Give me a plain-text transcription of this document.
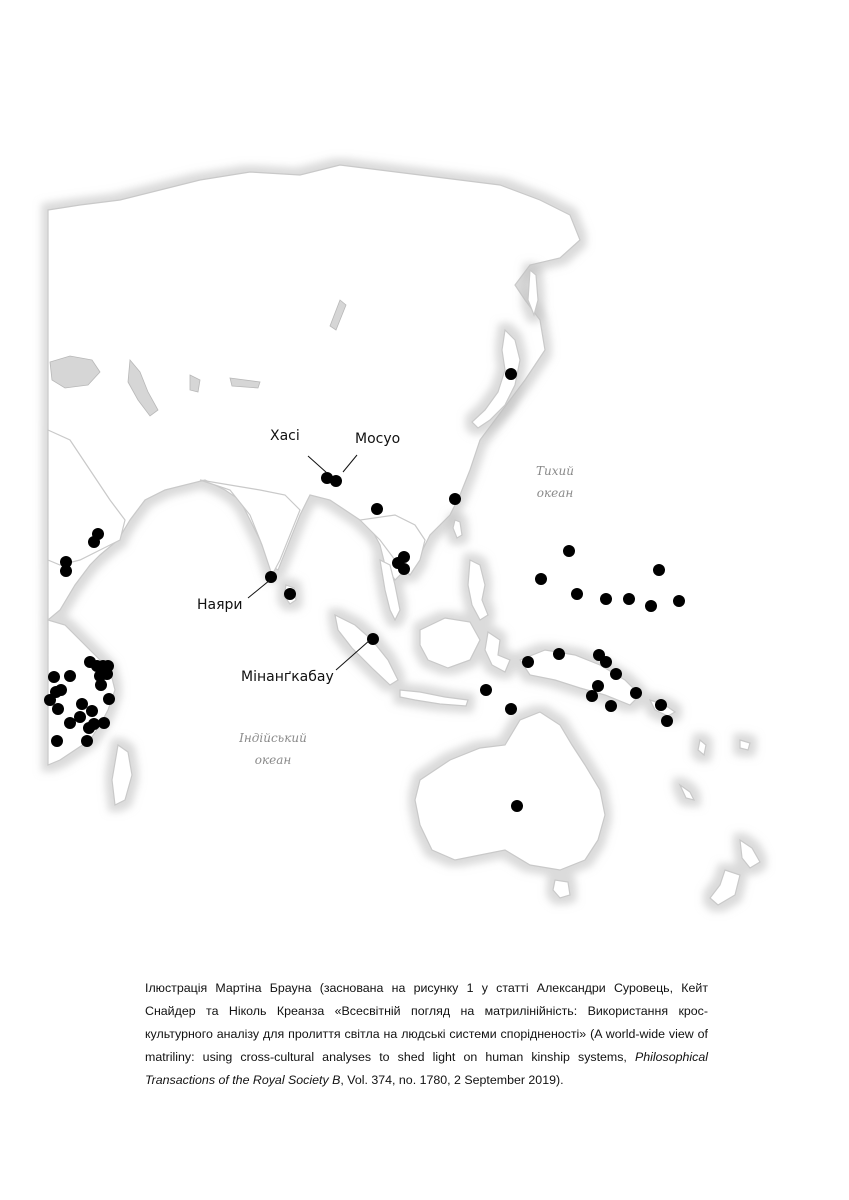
Хасі	Мосуо
Наяри
Мінанґкабау
Тихий
океан
Індійський
океан
Ілюстрація Мартіна Брауна (заснована на рисунку 1 у статті Александри Суровець, Кейт Снайдер та Ніколь Креанза «Всесвітній погляд на матрилінійність: Використання крос-культурного аналізу для пролиття світла на людські системи спорідненості» (A world-wide view of matriliny: using cross-cultural analyses to shed light on human kinship systems, Philosophical Transactions of the Royal Society B, Vol. 374, no. 1780, 2 September 2019).
